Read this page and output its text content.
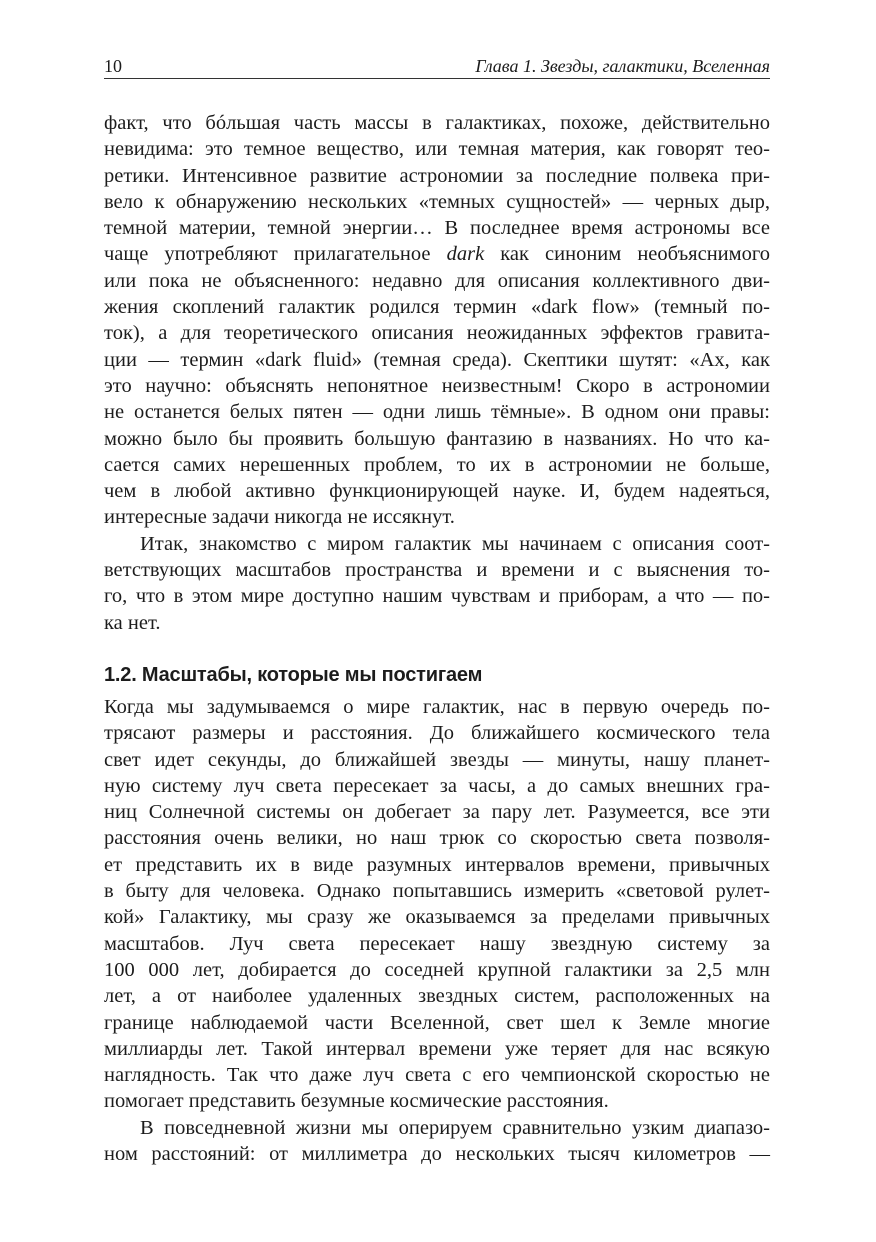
10	Глава 1. Звезды, галактики, Вселенная
факт, что бóльшая часть массы в галактиках, похоже, действительно
невидима: это темное вещество, или темная материя, как говорят тео-
ретики. Интенсивное развитие астрономии за последние полвека при-
вело к обнаружению нескольких «темных сущностей» — черных дыр,
темной материи, темной энергии… В последнее время астрономы все
чаще употребляют прилагательное dark как синоним необъяснимого
или пока не объясненного: недавно для описания коллективного дви-
жения скоплений галактик родился термин «dark flow» (темный по-
ток), а для теоретического описания неожиданных эффектов гравита-
ции — термин «dark fluid» (темная среда). Скептики шутят: «Ах, как
это научно: объяснять непонятное неизвестным! Скоро в астрономии
не останется белых пятен — одни лишь тёмные». В одном они правы:
можно было бы проявить большую фантазию в названиях. Но что ка-
сается самих нерешенных проблем, то их в астрономии не больше,
чем в любой активно функционирующей науке. И, будем надеяться,
интересные задачи никогда не иссякнут.
Итак, знакомство с миром галактик мы начинаем с описания соот-
ветствующих масштабов пространства и времени и с выяснения то-
го, что в этом мире доступно нашим чувствам и приборам, а что — по-
ка нет.
1.2. Масштабы, которые мы постигаем
Когда мы задумываемся о мире галактик, нас в первую очередь по-
трясают размеры и расстояния. До ближайшего космического тела
свет идет секунды, до ближайшей звезды — минуты, нашу планет-
ную систему луч света пересекает за часы, а до самых внешних гра-
ниц Солнечной системы он добегает за пару лет. Разумеется, все эти
расстояния очень велики, но наш трюк со скоростью света позволя-
ет представить их в виде разумных интервалов времени, привычных
в быту для человека. Однако попытавшись измерить «световой рулет-
кой» Галактику, мы сразу же оказываемся за пределами привычных
масштабов. Луч света пересекает нашу звездную систему за
100 000 лет, добирается до соседней крупной галактики за 2,5 млн
лет, а от наиболее удаленных звездных систем, расположенных на
границе наблюдаемой части Вселенной, свет шел к Земле многие
миллиарды лет. Такой интервал времени уже теряет для нас всякую
наглядность. Так что даже луч света с его чемпионской скоростью не
помогает представить безумные космические расстояния.
В повседневной жизни мы оперируем сравнительно узким диапазо-
ном расстояний: от миллиметра до нескольких тысяч километров —
